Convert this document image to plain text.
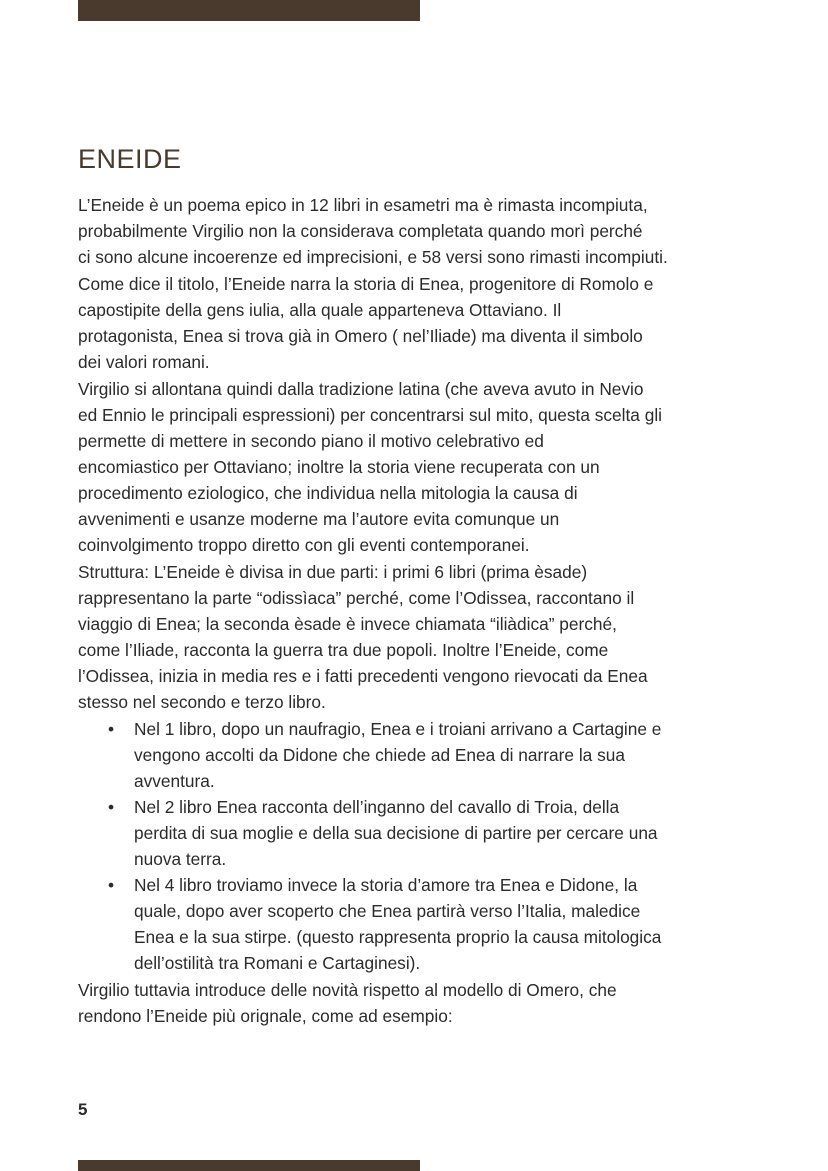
ENEIDE

L’Eneide è un poema epico in 12 libri in esametri ma è rimasta incompiuta,
probabilmente Virgilio non la considerava completata quando morì perché
ci sono alcune incoerenze ed imprecisioni, e 58 versi sono rimasti incompiuti.

Come dice il titolo, l’Eneide narra la storia di Enea, progenitore di Romolo e
capostipite della gens iulia, alla quale apparteneva Ottaviano. Il
protagonista, Enea si trova già in Omero ( nel’Iliade) ma diventa il simbolo
dei valori romani.

Virgilio si allontana quindi dalla tradizione latina (che aveva avuto in Nevio
ed Ennio le principali espressioni) per concentrarsi sul mito, questa scelta gli
permette di mettere in secondo piano il motivo celebrativo ed
encomiastico per Ottaviano; inoltre la storia viene recuperata con un
procedimento eziologico, che individua nella mitologia la causa di
avvenimenti e usanze moderne ma l’autore evita comunque un
coinvolgimento troppo diretto con gli eventi contemporanei.

Struttura: L’Eneide è divisa in due parti: i primi 6 libri (prima èsade)
rappresentano la parte “odissìaca” perché, come l’Odissea, raccontano il
viaggio di Enea; la seconda èsade è invece chiamata “iliàdica” perché,
come l’Iliade, racconta la guerra tra due popoli. Inoltre l’Eneide, come
l’Odissea, inizia in media res e i fatti precedenti vengono rievocati da Enea
stesso nel secondo e terzo libro.

• Nel 1 libro, dopo un naufragio, Enea e i troiani arrivano a Cartagine e
vengono accolti da Didone che chiede ad Enea di narrare la sua
avventura.
• Nel 2 libro Enea racconta dell’inganno del cavallo di Troia, della
perdita di sua moglie e della sua decisione di partire per cercare una
nuova terra.
• Nel 4 libro troviamo invece la storia d’amore tra Enea e Didone, la
quale, dopo aver scoperto che Enea partirà verso l’Italia, maledice
Enea e la sua stirpe. (questo rappresenta proprio la causa mitologica
dell’ostilità tra Romani e Cartaginesi).

Virgilio tuttavia introduce delle novità rispetto al modello di Omero, che
rendono l’Eneide più orignale, come ad esempio:

5
